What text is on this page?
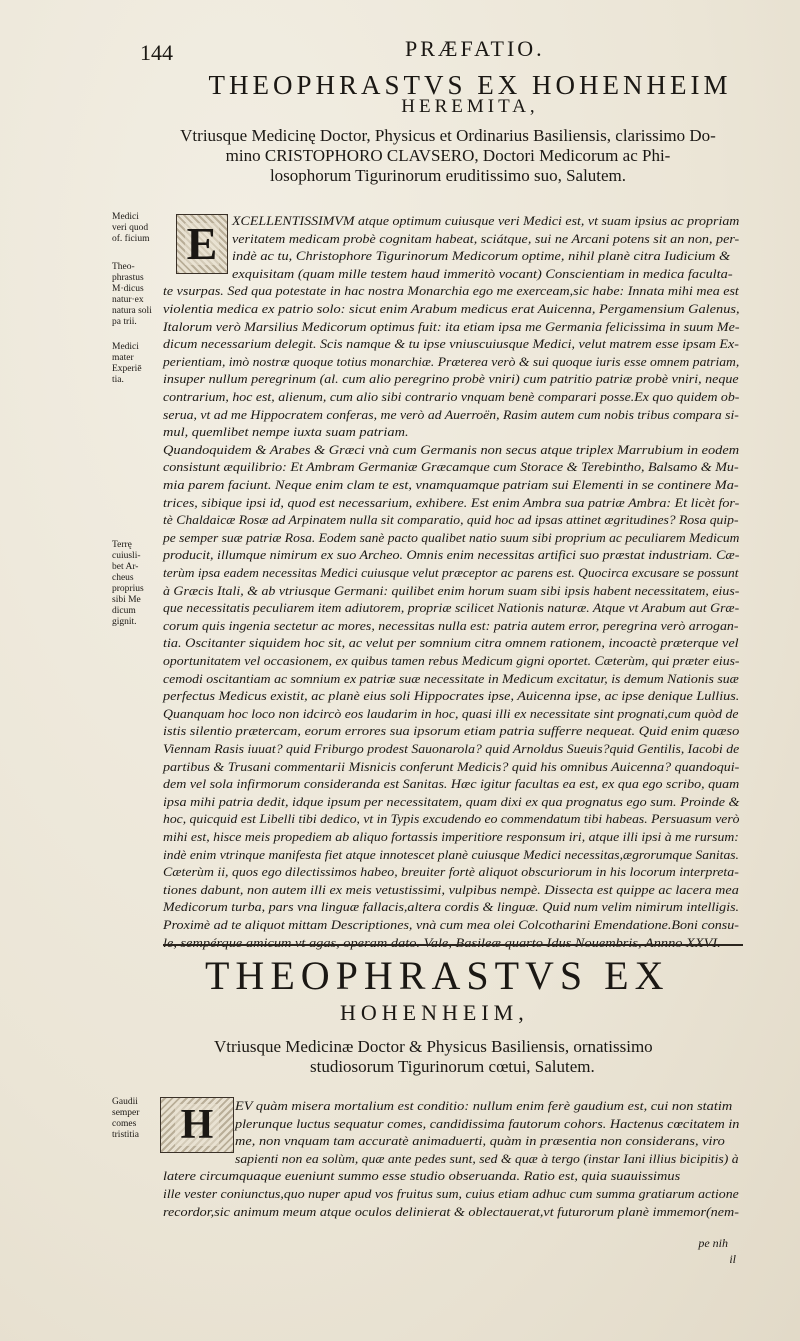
144	PRÆFATIO.
THEOPHRASTVS EX HOHENHEIM
HEREMITA,
Vtriusque Medicinę Doctor, Physicus et Ordinarius Basiliensis, clarissimo Do-
mino CRISTOPHORO CLAVSERO, Doctori Medicorum ac Phi-
losophorum Tigurinorum eruditissimo suo, Salutem.
E XCELLENTISSIMVM atque optimum cuiusque veri Medici est, vt suam ipsius ac propriam
veritatem medicam probè cognitam habeat, sciátque, sui ne Arcani potens sit an non, per-
indè ac tu, Christophore Tigurinorum Medicorum optime, nihil planè citra Iudicium &
exquisitam (quam mille testem haud immeritò vocant) Conscientiam in medica faculta-
te vsurpas. Sed qua potestate in hac nostra Monarchia ego me exerceam,sic habe: Innata mihi mea est
violentia medica ex patrio solo: sicut enim Arabum medicus erat Auicenna, Pergamensium Galenus,
Italorum verò Marsilius Medicorum optimus fuit: ita etiam ipsa me Germania felicissima in suum Me-
dicum necessarium delegit. Scis namque & tu ipse vniuscuiusque Medici, velut matrem esse ipsam Ex-
perientiam, imò nostræ quoque totius monarchiæ. Præterea verò & sui quoque iuris esse omnem patriam,
insuper nullum peregrinum (al. cum alio peregrino probè vniri) cum patritio patriæ probè vniri, neque
contrarium, hoc est, alienum, cum alio sibi contrario vnquam benè comparari posse.Ex quo quidem ob-
serua, vt ad me Hippocratem conferas, me verò ad Auerroën, Rasim autem cum nobis tribus compara si-
mul, quemlibet nempe iuxta suam patriam.
Quandoquidem & Arabes & Græci vnà cum Germanis non secus atque triplex Marrubium in eodem
consistunt æquilibrio: Et Ambram Germaniæ Græcamque cum Storace & Terebintho, Balsamo & Mu-
mia parem faciunt. Neque enim clam te est, vnamquamque patriam sui Elementi in se continere Ma-
trices, sibique ipsi id, quod est necessarium, exhibere. Est enim Ambra sua patriæ Ambra: Et licèt for-
tè Chaldaicæ Rosæ ad Arpinatem nulla sit comparatio, quid hoc ad ipsas attinet ægritudines? Rosa quip-
pe semper suæ patriæ Rosa. Eodem sanè pacto qualibet natio suum sibi proprium ac peculiarem Medicum
producit, illumque nimirum ex suo Archeo. Omnis enim necessitas artifici suo præstat industriam. Cæ-
terùm ipsa eadem necessitas Medici cuiusque velut præceptor ac parens est. Quocirca excusare se possunt
à Græcis Itali, & ab vtriusque Germani: quilibet enim horum suam sibi ipsis habent necessitatem, eius-
que necessitatis peculiarem item adiutorem, propriæ scilicet Nationis naturæ. Atque vt Arabum aut Græ-
corum quis ingenia sectetur ac mores, necessitas nulla est: patria autem error, peregrina verò arrogan-
tia. Oscitanter siquidem hoc sit, ac velut per somnium citra omnem rationem, incoactè præterque vel
oportunitatem vel occasionem, ex quibus tamen rebus Medicum gigni oportet. Cæterùm, qui præter eius-
cemodi oscitantiam ac somnium ex patriæ suæ necessitate in Medicum excitatur, is demum Nationis suæ
perfectus Medicus existit, ac planè eius soli Hippocrates ipse, Auicenna ipse, ac ipse denique Lullius.
Quanquam hoc loco non idcircò eos laudarim in hoc, quasi illi ex necessitate sint prognati,cum quòd de
istis silentio prætercam, eorum errores sua ipsorum etiam patria sufferre nequeat. Quid enim quæso
Viennam Rasis iuuat? quid Friburgo prodest Sauonarola? quid Arnoldus Sueuis?quid Gentilis, Iacobi de
partibus & Trusani commentarii Misnicis conferunt Medicis? quid his omnibus Auicenna? quandoqui-
dem vel sola infirmorum considerandа est Sanitas. Hæc igitur facultas ea est, ex qua ego scribo, quam
ipsa mihi patria dedit, idque ipsum per necessitatem, quam dixi ex qua prognatus ego sum. Proinde &
hoc, quicquid est Libelli tibi dedico, vt in Typis excudendo eo commendatum tibi habeas. Persuasum verò
mihi est, hisce meis propediem ab aliquo fortassis imperitiore responsum iri, atque illi ipsi à me rursum:
indè enim vtrinque manifesta fiet atque innotescet planè cuiusque Medici necessitas,ægrorumque Sanitas.
Cæterùm ii, quos ego dilectissimos habeo, breuiter fortè aliquot obscuriorum in his locorum interpreta-
tiones dabunt, non autem illi ex meis vetustissimi, vulpibus nempè. Dissecta est quippe ac lacera mea
Medicorum turba, pars vna linguæ fallacis,altera cordis & linguæ. Quid num velim nimirum intelligis.
Proximè ad te aliquot mittam Descriptiones, vnà cum mea olei Colcotharini Emendatione.Boni consu-
le, sempérque amicum vt agas, operam dato. Vale, Basileæ quarto Idus Nouembris, Annno XXVI.
Medici veri quod of. ficium
Theo-phrastus M·dicus natur·ex natura soli pa trii.
Medici mater Experiē tia.
Terrę cuiusli-bet Ar-cheus proprius sibi Me dicum gignit.
Gaudii semper comes tristitia
THEOPHRASTVS EX
HOHENHEIM,
Vtriusque Medicinæ Doctor & Physicus Basiliensis, ornatissimo
studiosorum Tigurinorum cœtui, Salutem.
H	EV quàm misera mortalium est conditio: nullum enim ferè gaudium est, cui non statim
plerunque luctus sequatur comes, candidissima fautorum cohors. Hactenus cœcitatem in
me, non vnquam tam accuratè animaduerti, quàm in præsentia non considerans, viro
sapienti non ea solùm, quæ ante pedes sunt, sed & quæ à tergo (instar Iani illius bicipitis) à
latere circumquaque eueniunt summo esse studio obseruanda. Ratio est, quia suauissimus
ille vester coniunctus,quo nuper apud vos fruitus sum, cuius etiam adhuc cum summa gratiarum actione
recordor,sic animum meum atque oculos delinierat & oblectauerat,vt futurorum planè immemor(nem-
pe nih
il
